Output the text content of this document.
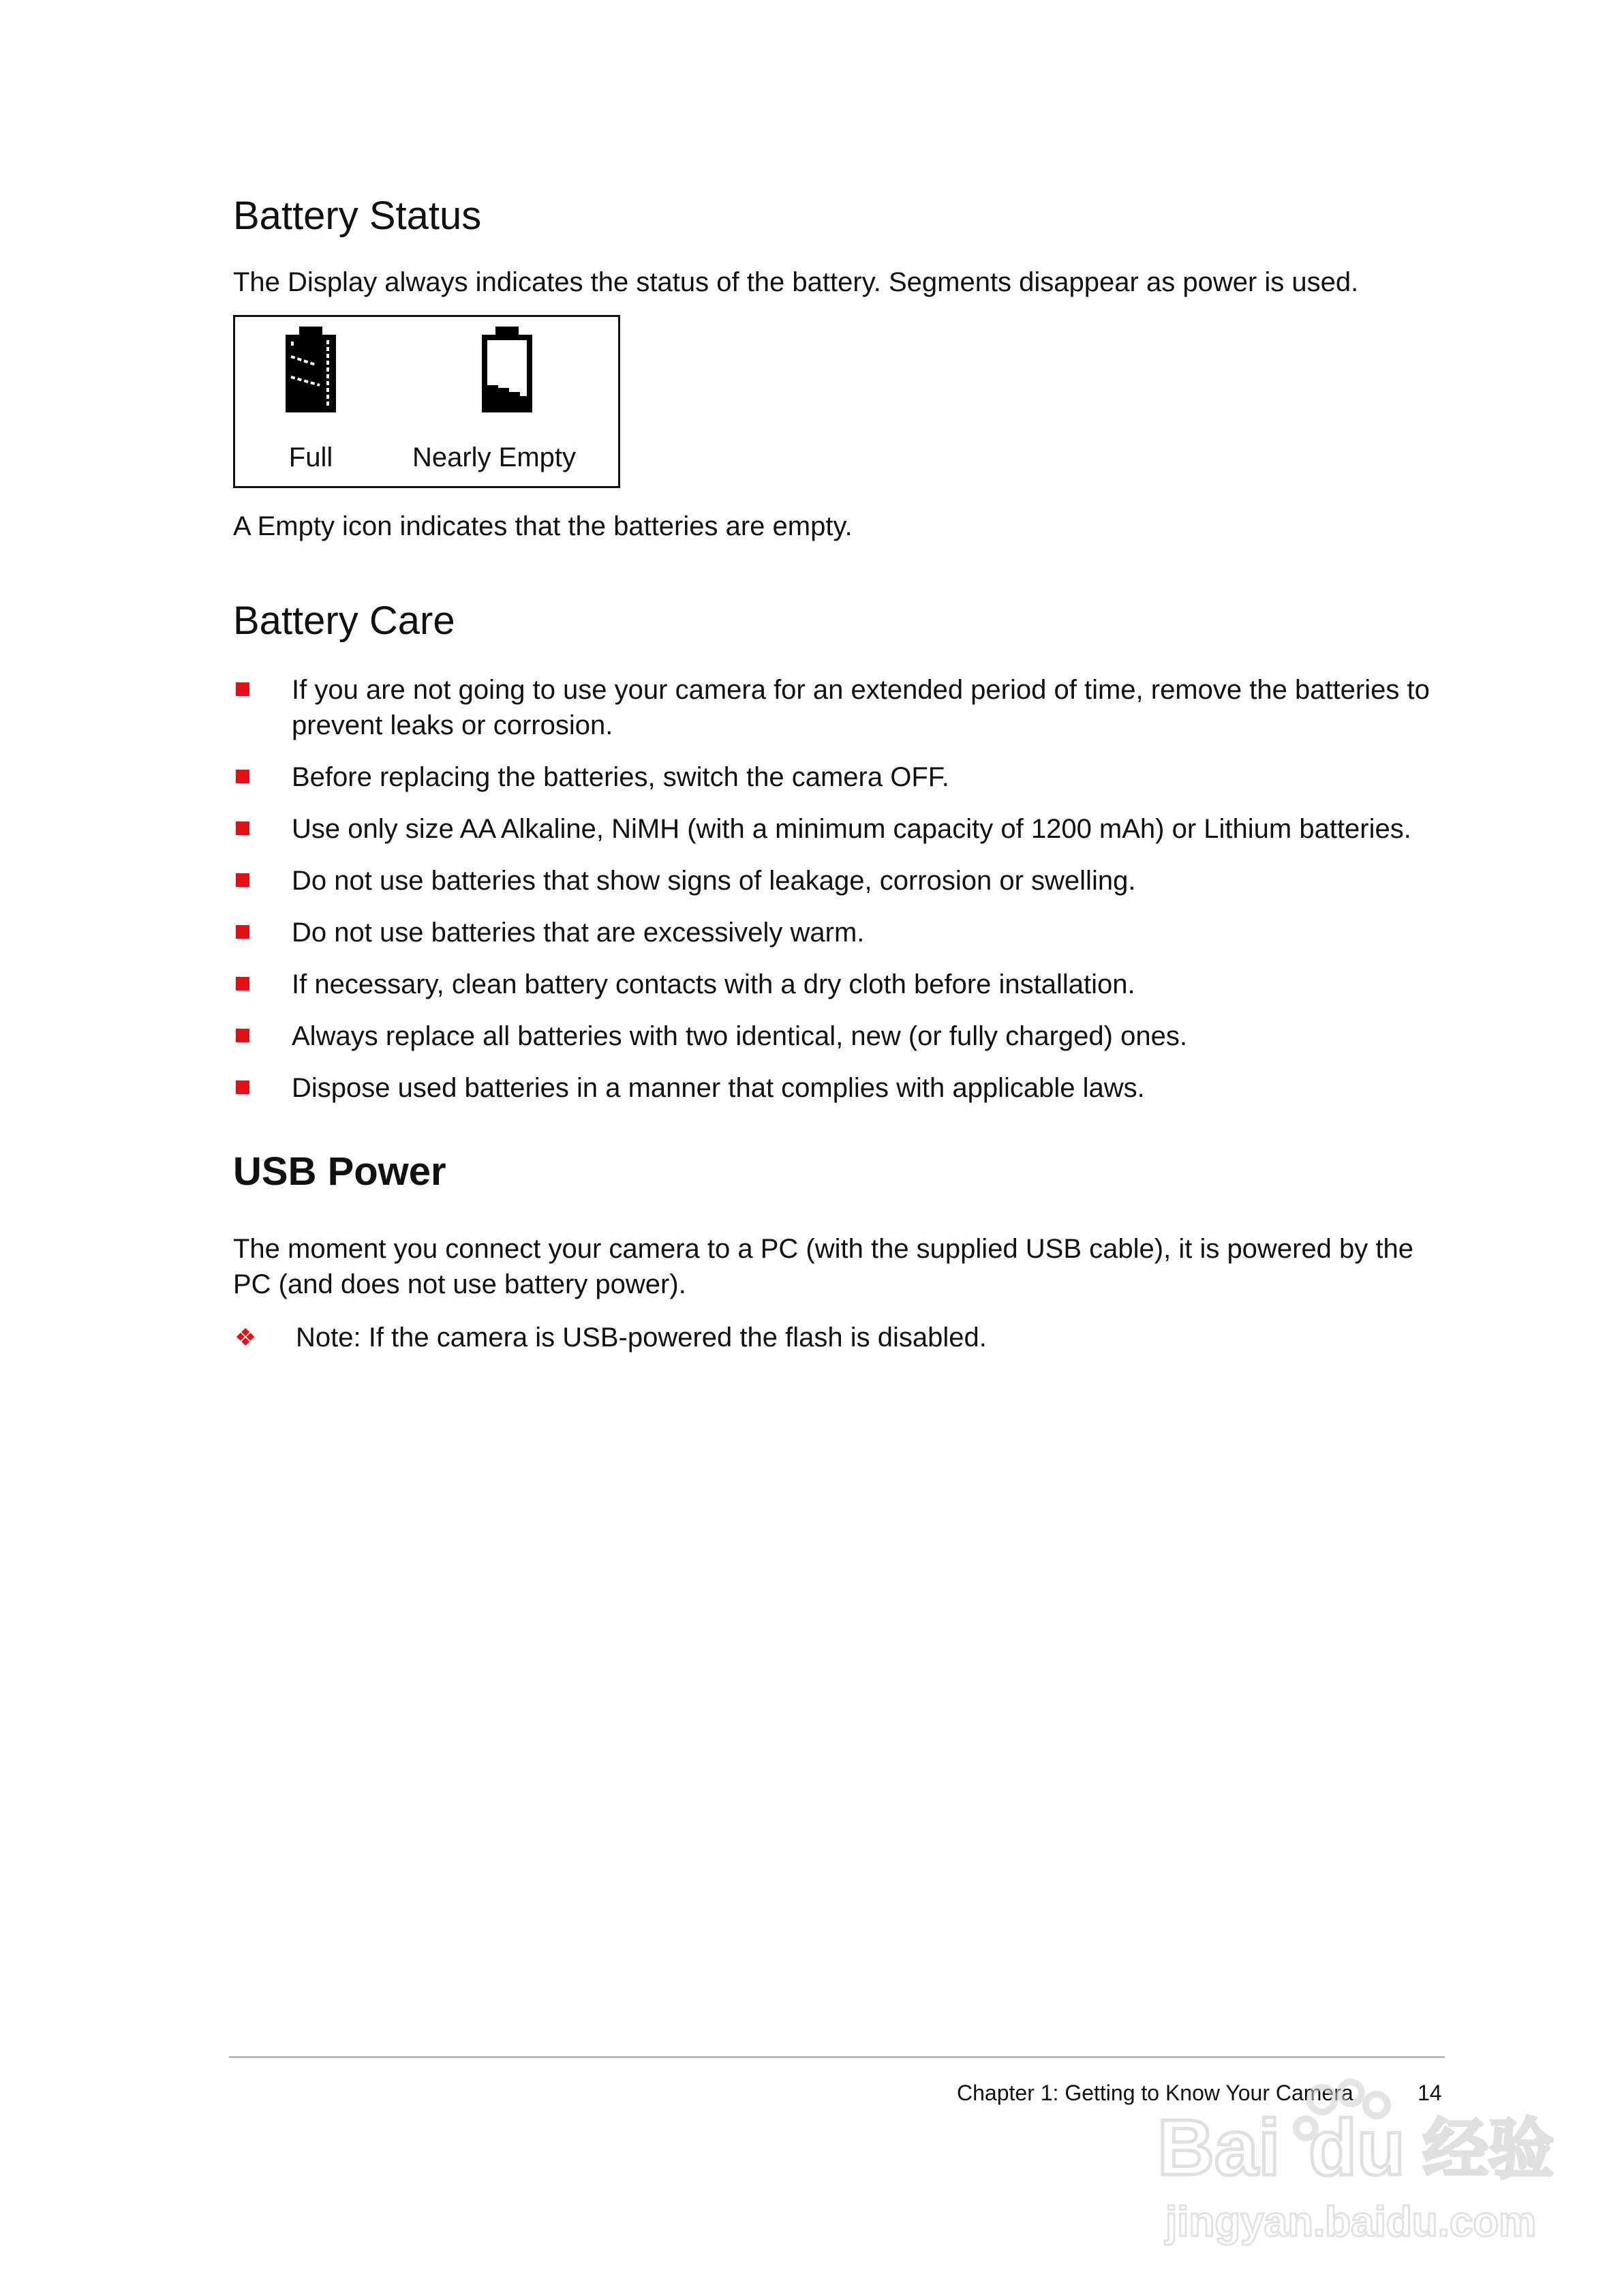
Battery Status

The Display always indicates the status of the battery. Segments disappear as power is used.

Full	Nearly Empty

A Empty icon indicates that the batteries are empty.

Battery Care
If you are not going to use your camera for an extended period of time, remove the batteries to prevent leaks or corrosion.
Before replacing the batteries, switch the camera OFF.
Use only size AA Alkaline, NiMH (with a minimum capacity of 1200 mAh) or Lithium batteries.
Do not use batteries that show signs of leakage, corrosion or swelling.
Do not use batteries that are excessively warm.
If necessary, clean battery contacts with a dry cloth before installation.
Always replace all batteries with two identical, new (or fully charged) ones.
Dispose used batteries in a manner that complies with applicable laws.
USB Power

The moment you connect your camera to a PC (with the supplied USB cable), it is powered by the PC (and does not use battery power).

❖ Note: If the camera is USB-powered the flash is disabled.
Chapter 1: Getting to Know Your Camera	14
Bai du 经验
jingyan.baidu.com
